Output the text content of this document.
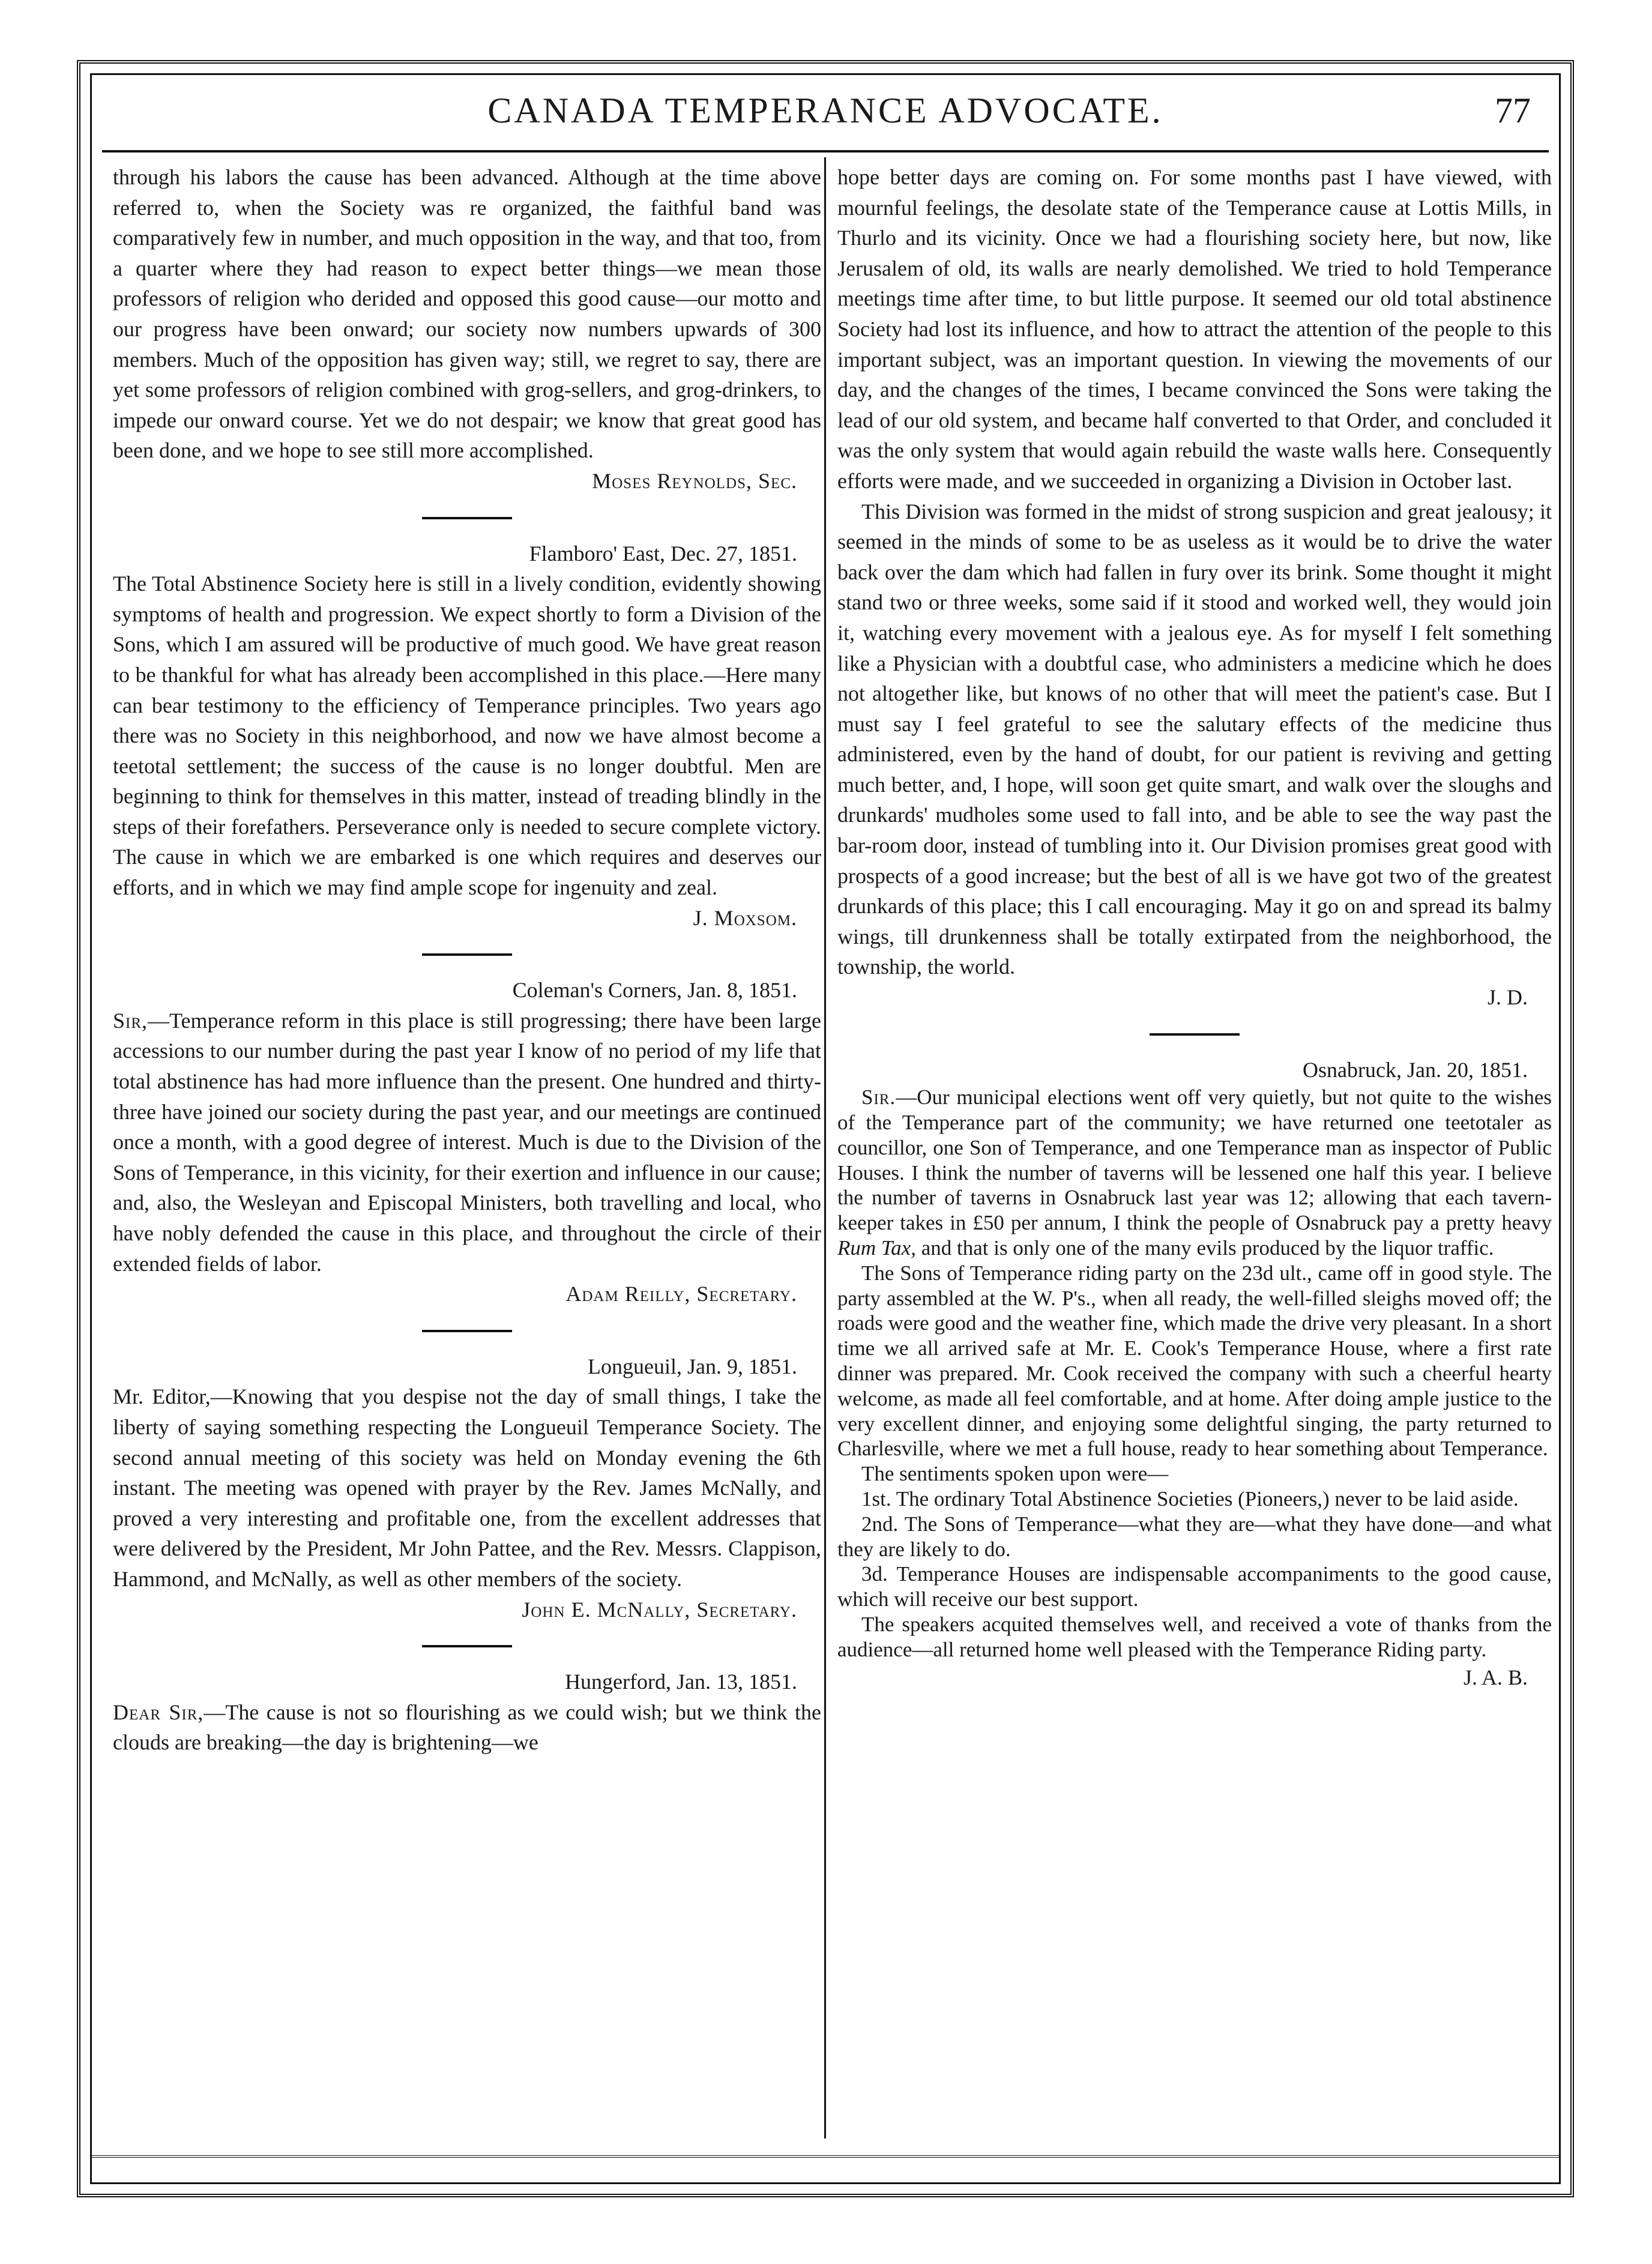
CANADA TEMPERANCE ADVOCATE.	77

through his labors the cause has been advanced. Although at the time above referred to, when the Society was re organized, the faithful band was comparatively few in number, and much opposition in the way, and that too, from a quarter where they had reason to expect better things—we mean those professors of religion who derided and opposed this good cause—our motto and our progress have been onward; our society now numbers upwards of 300 members. Much of the opposition has given way; still, we regret to say, there are yet some professors of religion combined with grog-sellers, and grog-drinkers, to impede our onward course. Yet we do not despair; we know that great good has been done, and we hope to see still more accomplished.

Moses Reynolds, Sec.

Flamboro' East, Dec. 27, 1851.

The Total Abstinence Society here is still in a lively condition, evidently showing symptoms of health and progression. We expect shortly to form a Division of the Sons, which I am assured will be productive of much good. We have great reason to be thankful for what has already been accomplished in this place.—Here many can bear testimony to the efficiency of Temperance principles. Two years ago there was no Society in this neighborhood, and now we have almost become a teetotal settlement; the success of the cause is no longer doubtful. Men are beginning to think for themselves in this matter, instead of treading blindly in the steps of their forefathers. Perseverance only is needed to secure complete victory. The cause in which we are embarked is one which requires and deserves our efforts, and in which we may find ample scope for ingenuity and zeal.

J. Moxsom.

Coleman's Corners, Jan. 8, 1851.

Sir,—Temperance reform in this place is still progressing; there have been large accessions to our number during the past year I know of no period of my life that total abstinence has had more influence than the present. One hundred and thirty-three have joined our society during the past year, and our meetings are continued once a month, with a good degree of interest. Much is due to the Division of the Sons of Temperance, in this vicinity, for their exertion and influence in our cause; and, also, the Wesleyan and Episcopal Ministers, both travelling and local, who have nobly defended the cause in this place, and throughout the circle of their extended fields of labor.

Adam Reilly, Secretary.

Longueuil, Jan. 9, 1851.

Mr. Editor,—Knowing that you despise not the day of small things, I take the liberty of saying something respecting the Longueuil Temperance Society. The second annual meeting of this society was held on Monday evening the 6th instant. The meeting was opened with prayer by the Rev. James McNally, and proved a very interesting and profitable one, from the excellent addresses that were delivered by the President, Mr John Pattee, and the Rev. Messrs. Clappison, Hammond, and McNally, as well as other members of the society.

John E. McNally, Secretary.

Hungerford, Jan. 13, 1851.

Dear Sir,—The cause is not so flourishing as we could wish; but we think the clouds are breaking—the day is brightening—we

hope better days are coming on. For some months past I have viewed, with mournful feelings, the desolate state of the Temperance cause at Lottis Mills, in Thurlo and its vicinity. Once we had a flourishing society here, but now, like Jerusalem of old, its walls are nearly demolished. We tried to hold Temperance meetings time after time, to but little purpose. It seemed our old total abstinence Society had lost its influence, and how to attract the attention of the people to this important subject, was an important question. In viewing the movements of our day, and the changes of the times, I became convinced the Sons were taking the lead of our old system, and became half converted to that Order, and concluded it was the only system that would again rebuild the waste walls here. Consequently efforts were made, and we succeeded in organizing a Division in October last.

This Division was formed in the midst of strong suspicion and great jealousy; it seemed in the minds of some to be as useless as it would be to drive the water back over the dam which had fallen in fury over its brink. Some thought it might stand two or three weeks, some said if it stood and worked well, they would join it, watching every movement with a jealous eye. As for myself I felt something like a Physician with a doubtful case, who administers a medicine which he does not altogether like, but knows of no other that will meet the patient's case. But I must say I feel grateful to see the salutary effects of the medicine thus administered, even by the hand of doubt, for our patient is reviving and getting much better, and, I hope, will soon get quite smart, and walk over the sloughs and drunkards' mudholes some used to fall into, and be able to see the way past the bar-room door, instead of tumbling into it. Our Division promises great good with prospects of a good increase; but the best of all is we have got two of the greatest drunkards of this place; this I call encouraging. May it go on and spread its balmy wings, till drunkenness shall be totally extirpated from the neighborhood, the township, the world.

J. D.

Osnabruck, Jan. 20, 1851.

Sir.—Our municipal elections went off very quietly, but not quite to the wishes of the Temperance part of the community; we have returned one teetotaler as councillor, one Son of Temperance, and one Temperance man as inspector of Public Houses. I think the number of taverns will be lessened one half this year. I believe the number of taverns in Osnabruck last year was 12; allowing that each tavern-keeper takes in £50 per annum, I think the people of Osnabruck pay a pretty heavy Rum Tax, and that is only one of the many evils produced by the liquor traffic.

The Sons of Temperance riding party on the 23d ult., came off in good style. The party assembled at the W. P's., when all ready, the well-filled sleighs moved off; the roads were good and the weather fine, which made the drive very pleasant. In a short time we all arrived safe at Mr. E. Cook's Temperance House, where a first rate dinner was prepared. Mr. Cook received the company with such a cheerful hearty welcome, as made all feel comfortable, and at home. After doing ample justice to the very excellent dinner, and enjoying some delightful singing, the party returned to Charlesville, where we met a full house, ready to hear something about Temperance.

The sentiments spoken upon were—

1st. The ordinary Total Abstinence Societies (Pioneers,) never to be laid aside.

2nd. The Sons of Temperance—what they are—what they have done—and what they are likely to do.

3d. Temperance Houses are indispensable accompaniments to the good cause, which will receive our best support.

The speakers acquited themselves well, and received a vote of thanks from the audience—all returned home well pleased with the Temperance Riding party.

J. A. B.
